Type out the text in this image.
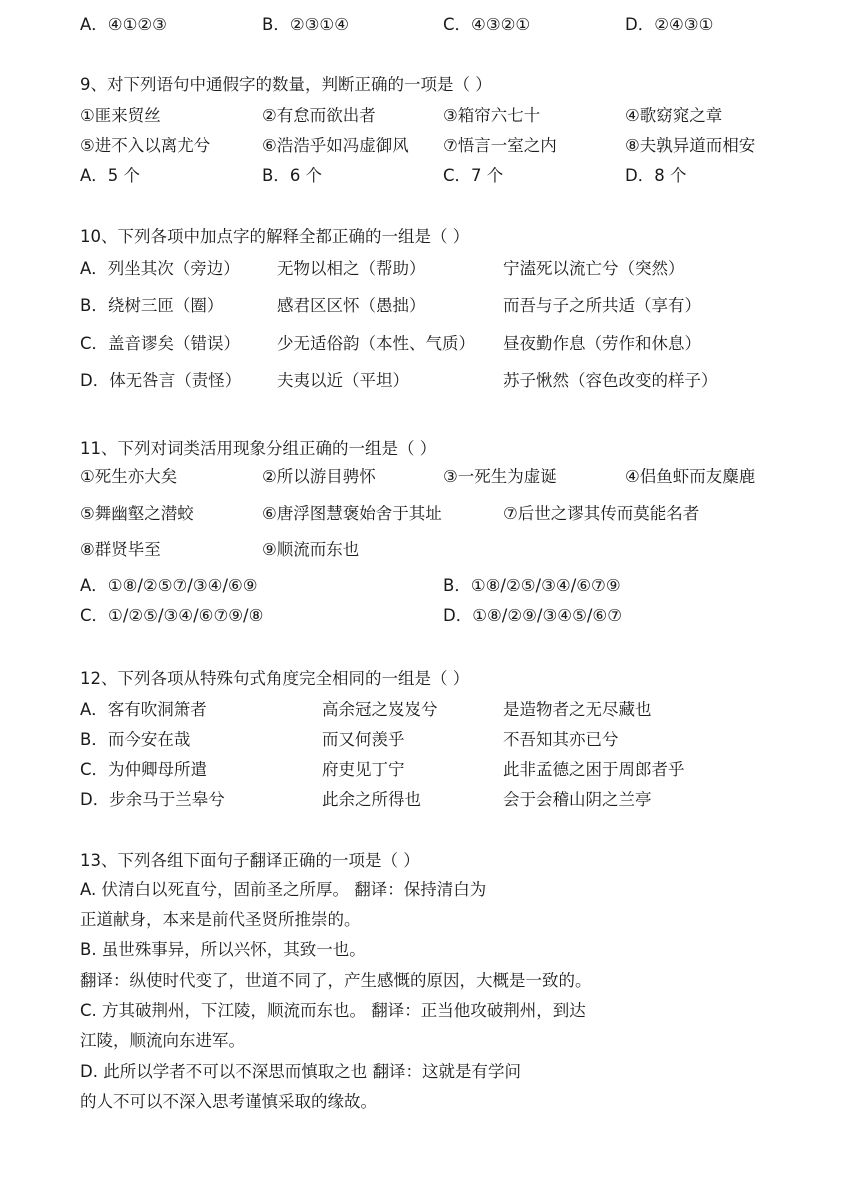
A．④①②③	B．②③①④	C．④③②①	D．②④③①
9、对下列语句中通假字的数量，判断正确的一项是（ ）
①匪来贸丝	②有怠而欲出者	③箱帘六七十	④歌窈窕之章
⑤进不入以离尤兮	⑥浩浩乎如冯虚御风 ⑦悟言一室之内	⑧夫孰异道而相安
A．5 个	B．6 个	C．7 个	D．8 个
10、下列各项中加点字的解释全都正确的一组是（ ）
A．列坐其次（旁边） 无物以相之（帮助）	宁溘死以流亡兮（突然）
B．绕树三匝（圈）	感君区区怀（愚拙）	而吾与子之所共适（享有）
C．盖音谬矣（错误） 少无适俗韵（本性、气质） 昼夜勤作息（劳作和休息）
D．体无咎言（责怪） 夫夷以近（平坦）	苏子愀然（容色改变的样子）
11、下列对词类活用现象分组正确的一组是（ ）
①死生亦大矣	②所以游目骋怀	③一死生为虚诞	④侣鱼虾而友麋鹿
⑤舞幽壑之潜蛟	⑥唐浮图慧褒始舍于其址	⑦后世之谬其传而莫能名者
⑧群贤毕至	⑨顺流而东也
A．①⑧/②⑤⑦/③④/⑥⑨	B．①⑧/②⑤/③④/⑥⑦⑨
C．①/②⑤/③④/⑥⑦⑨/⑧	D．①⑧/②⑨/③④⑤/⑥⑦
12、下列各项从特殊句式角度完全相同的一组是（ ）
A．客有吹洞箫者	高余冠之岌岌兮	是造物者之无尽藏也
B．而今安在哉	而又何羡乎	不吾知其亦已兮
C．为仲卿母所遣	府吏见丁宁	此非孟德之困于周郎者乎
D．步余马于兰皋兮	此余之所得也	会于会稽山阴之兰亭
13、下列各组下面句子翻译正确的一项是（ ）
A. 伏清白以死直兮，固前圣之所厚。 翻译：保持清白为
正道献身，本来是前代圣贤所推崇的。
B. 虽世殊事异，所以兴怀，其致一也。
翻译：纵使时代变了，世道不同了，产生感慨的原因，大概是一致的。
C. 方其破荆州，下江陵，顺流而东也。 翻译：正当他攻破荆州，到达
江陵，顺流向东进军。
D. 此所以学者不可以不深思而慎取之也 翻译：这就是有学问
的人不可以不深入思考谨慎采取的缘故。
